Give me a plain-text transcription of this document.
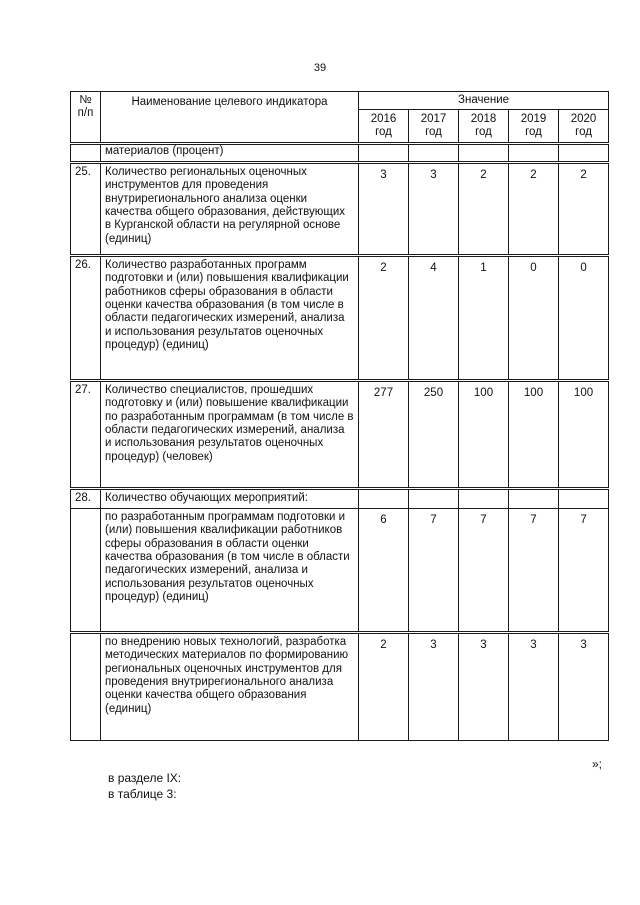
39
№ п/п	Наименование целевого индикатора	Значение				
		2016 год	2017 год	2018 год	2019 год	2020 год
	материалов (процент)					
25.	Количество региональных оценочных инструментов для проведения внутрирегионального анализа оценки качества общего образования, действующих в Курганской области на регулярной основе (единиц)	3	3	2	2	2
26.	Количество разработанных программ подготовки и (или) повышения квалификации работников сферы образования в области оценки качества образования (в том числе в области педагогических измерений, анализа и использования результатов оценочных процедур) (единиц)	2	4	1	0	0
27.	Количество специалистов, прошедших подготовку и (или) повышение квалификации по разработанным программам (в том числе в области педагогических измерений, анализа и использования результатов оценочных процедур) (человек)	277	250	100	100	100
28.	Количество обучающих мероприятий:					
	по разработанным программам подготовки и (или) повышения квалификации работников сферы образования в области оценки качества образования (в том числе в области педагогических измерений, анализа и использования результатов оценочных процедур) (единиц)	6	7	7	7	7
	по внедрению новых технологий, разработка методических материалов по формированию региональных оценочных инструментов для проведения внутрирегионального анализа оценки качества общего образования (единиц)	2	3	3	3	3
»;
в разделе IX:
в таблице 3:
